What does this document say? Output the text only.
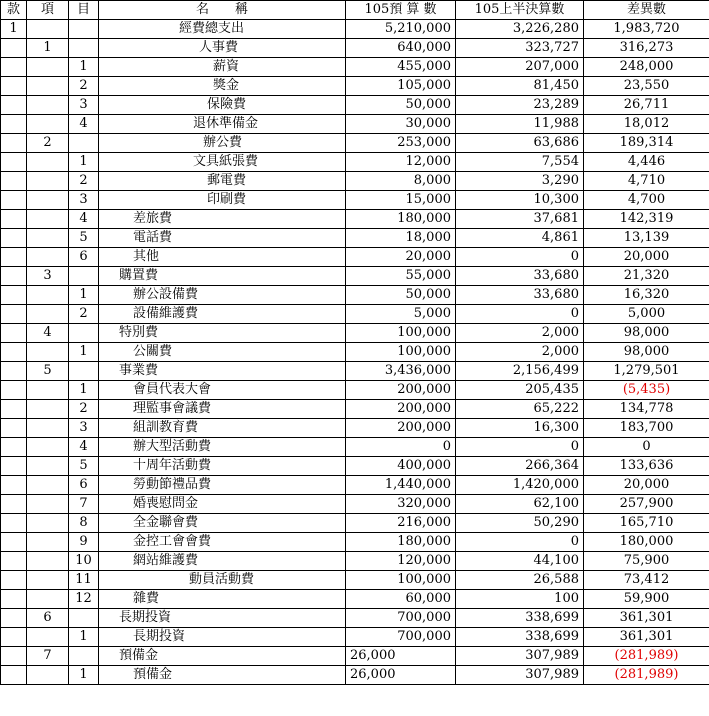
款	項	目	名　　稱	105預 算 數	105上半決算數	差異數
1			經費總支出	5,210,000	3,226,280	1,983,720
	1		人事費	640,000	323,727	316,273
		1	薪資	455,000	207,000	248,000
		2	獎金	105,000	81,450	23,550
		3	保險費	50,000	23,289	26,711
		4	退休準備金	30,000	11,988	18,012
	2		辦公費	253,000	63,686	189,314
		1	文具紙張費	12,000	7,554	4,446
		2	郵電費	8,000	3,290	4,710
		3	印刷費	15,000	10,300	4,700
		4	差旅費	180,000	37,681	142,319
		5	電話費	18,000	4,861	13,139
		6	其他	20,000	0	20,000
	3		購置費	55,000	33,680	21,320
		1	辦公設備費	50,000	33,680	16,320
		2	設備維護費	5,000	0	5,000
	4		特別費	100,000	2,000	98,000
		1	公關費	100,000	2,000	98,000
	5		事業費	3,436,000	2,156,499	1,279,501
		1	會員代表大會	200,000	205,435	(5,435)
		2	理監事會議費	200,000	65,222	134,778
		3	組訓教育費	200,000	16,300	183,700
		4	辦大型活動費	0	0	0
		5	十周年活動費	400,000	266,364	133,636
		6	勞動節禮品費	1,440,000	1,420,000	20,000
		7	婚喪慰問金	320,000	62,100	257,900
		8	全金聯會費	216,000	50,290	165,710
		9	金控工會會費	180,000	0	180,000
		10	網站維護費	120,000	44,100	75,900
		11	動員活動費	100,000	26,588	73,412
		12	雜費	60,000	100	59,900
	6		長期投資	700,000	338,699	361,301
		1	長期投資	700,000	338,699	361,301
	7		預備金	26,000	307,989	(281,989)
		1	預備金	26,000	307,989	(281,989)
